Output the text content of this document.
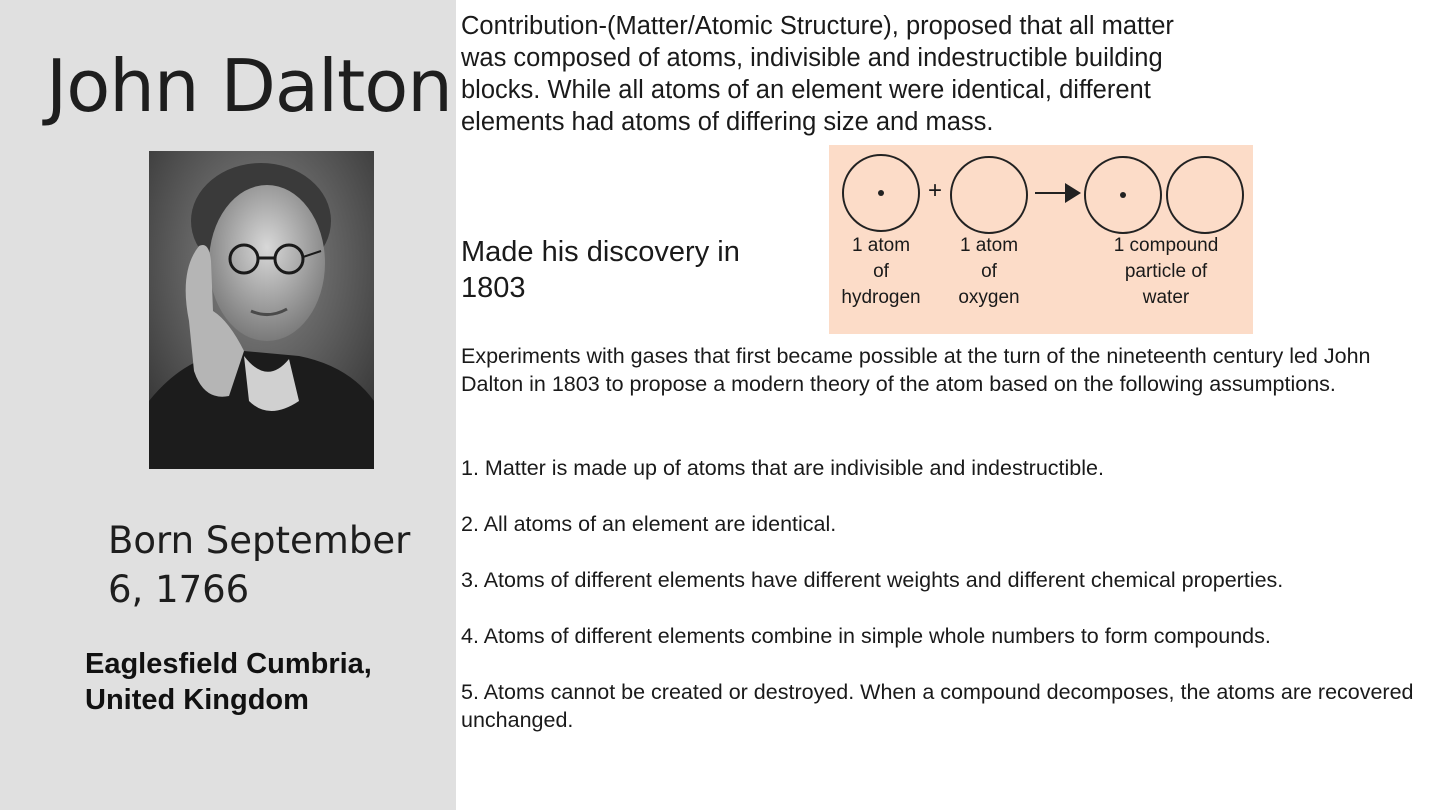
John Dalton
Born September 6, 1766
Eaglesfield Cumbria, United Kingdom
Contribution-(Matter/Atomic Structure), proposed that all matter was composed of atoms, indivisible and indestructible building blocks. While all atoms of an element were identical, different elements had atoms of differing size and mass.
Made his discovery in 1803
+
1 atom
of
hydrogen
1 atom
of
oxygen
1 compound
particle of
water
Experiments with gases that first became possible at the turn of the nineteenth century led John Dalton in 1803 to propose a modern theory of the atom based on the following assumptions.
1. Matter is made up of atoms that are indivisible and indestructible.
2. All atoms of an element are identical.
3. Atoms of different elements have different weights and different chemical properties.
4. Atoms of different elements combine in simple whole numbers to form compounds.
5. Atoms cannot be created or destroyed. When a compound decomposes, the atoms are recovered unchanged.
